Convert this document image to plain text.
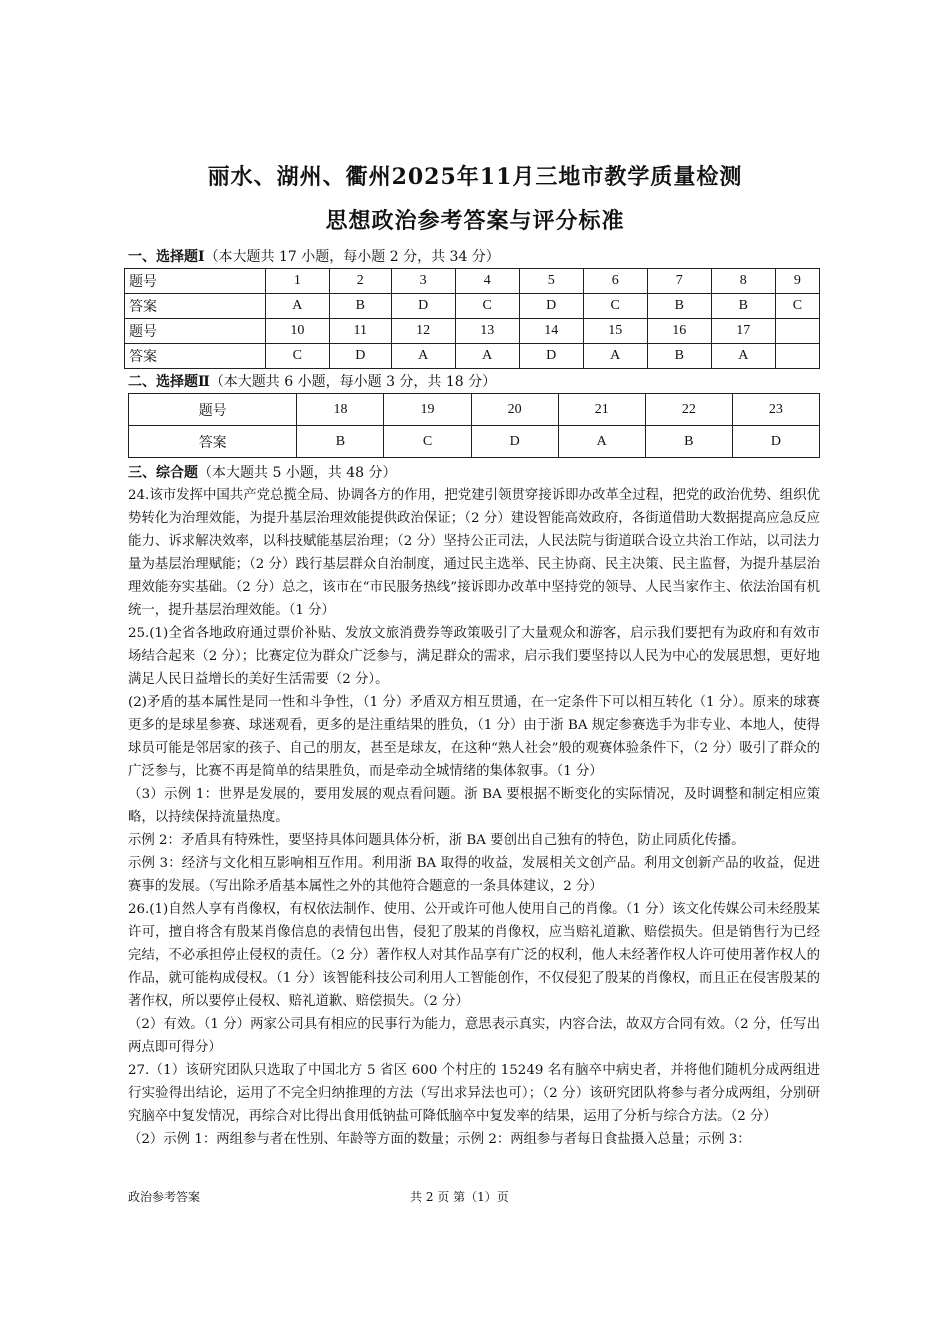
丽水、湖州、衢州2025年11月三地市教学质量检测
思想政治参考答案与评分标准
一、选择题Ⅰ（本大题共 17 小题，每小题 2 分，共 34 分）
题号	1	2	3	4	5	6	7	8	9
答案	A	B	D	C	D	C	B	B	C
题号	10	11	12	13	14	15	16	17	
答案	C	D	A	A	D	A	B	A	
二、选择题Ⅱ（本大题共 6 小题，每小题 3 分，共 18 分）
题号	18	19	20	21	22	23
答案	B	C	D	A	B	D
三、综合题（本大题共 5 小题，共 48 分）

24.该市发挥中国共产党总揽全局、协调各方的作用，把党建引领贯穿接诉即办改革全过程，把党的政治优势、组织优势转化为治理效能，为提升基层治理效能提供政治保证；（2 分）建设智能高效政府，各街道借助大数据提高应急反应能力、诉求解决效率，以科技赋能基层治理；（2 分）坚持公正司法，人民法院与街道联合设立共治工作站，以司法力量为基层治理赋能；（2 分）践行基层群众自治制度，通过民主选举、民主协商、民主决策、民主监督，为提升基层治理效能夯实基础。（2 分）总之，该市在“市民服务热线”接诉即办改革中坚持党的领导、人民当家作主、依法治国有机统一，提升基层治理效能。（1 分）

25.(1)全省各地政府通过票价补贴、发放文旅消费券等政策吸引了大量观众和游客，启示我们要把有为政府和有效市场结合起来（2 分）；比赛定位为群众广泛参与，满足群众的需求，启示我们要坚持以人民为中心的发展思想，更好地满足人民日益增长的美好生活需要（2 分）。

(2)矛盾的基本属性是同一性和斗争性，（1 分）矛盾双方相互贯通，在一定条件下可以相互转化（1 分）。原来的球赛更多的是球星参赛、球迷观看，更多的是注重结果的胜负，（1 分）由于浙 BA 规定参赛选手为非专业、本地人，使得球员可能是邻居家的孩子、自己的朋友，甚至是球友，在这种“熟人社会”般的观赛体验条件下，（2 分）吸引了群众的广泛参与，比赛不再是简单的结果胜负，而是牵动全城情绪的集体叙事。（1 分）

（3）示例 1：世界是发展的，要用发展的观点看问题。浙 BA 要根据不断变化的实际情况，及时调整和制定相应策略，以持续保持流量热度。

示例 2：矛盾具有特殊性，要坚持具体问题具体分析，浙 BA 要创出自己独有的特色，防止同质化传播。

示例 3：经济与文化相互影响相互作用。利用浙 BA 取得的收益，发展相关文创产品。利用文创新产品的收益，促进赛事的发展。（写出除矛盾基本属性之外的其他符合题意的一条具体建议，2 分）

26.(1)自然人享有肖像权，有权依法制作、使用、公开或许可他人使用自己的肖像。（1 分）该文化传媒公司未经殷某许可，擅自将含有殷某肖像信息的表情包出售，侵犯了殷某的肖像权，应当赔礼道歉、赔偿损失。但是销售行为已经完结，不必承担停止侵权的责任。（2 分）著作权人对其作品享有广泛的权利，他人未经著作权人许可使用著作权人的作品，就可能构成侵权。（1 分）该智能科技公司利用人工智能创作，不仅侵犯了殷某的肖像权，而且正在侵害殷某的著作权，所以要停止侵权、赔礼道歉、赔偿损失。（2 分）

（2）有效。（1 分）两家公司具有相应的民事行为能力，意思表示真实，内容合法，故双方合同有效。（2 分，任写出两点即可得分）

27.（1）该研究团队只选取了中国北方 5 省区 600 个村庄的 15249 名有脑卒中病史者，并将他们随机分成两组进行实验得出结论，运用了不完全归纳推理的方法（写出求异法也可）；（2 分）该研究团队将参与者分成两组，分别研究脑卒中复发情况，再综合对比得出食用低钠盐可降低脑卒中复发率的结果，运用了分析与综合方法。（2 分）

（2）示例 1：两组参与者在性别、年龄等方面的数量；示例 2：两组参与者每日食盐摄入总量；示例 3：

政治参考答案	共 2 页 第（1）页
